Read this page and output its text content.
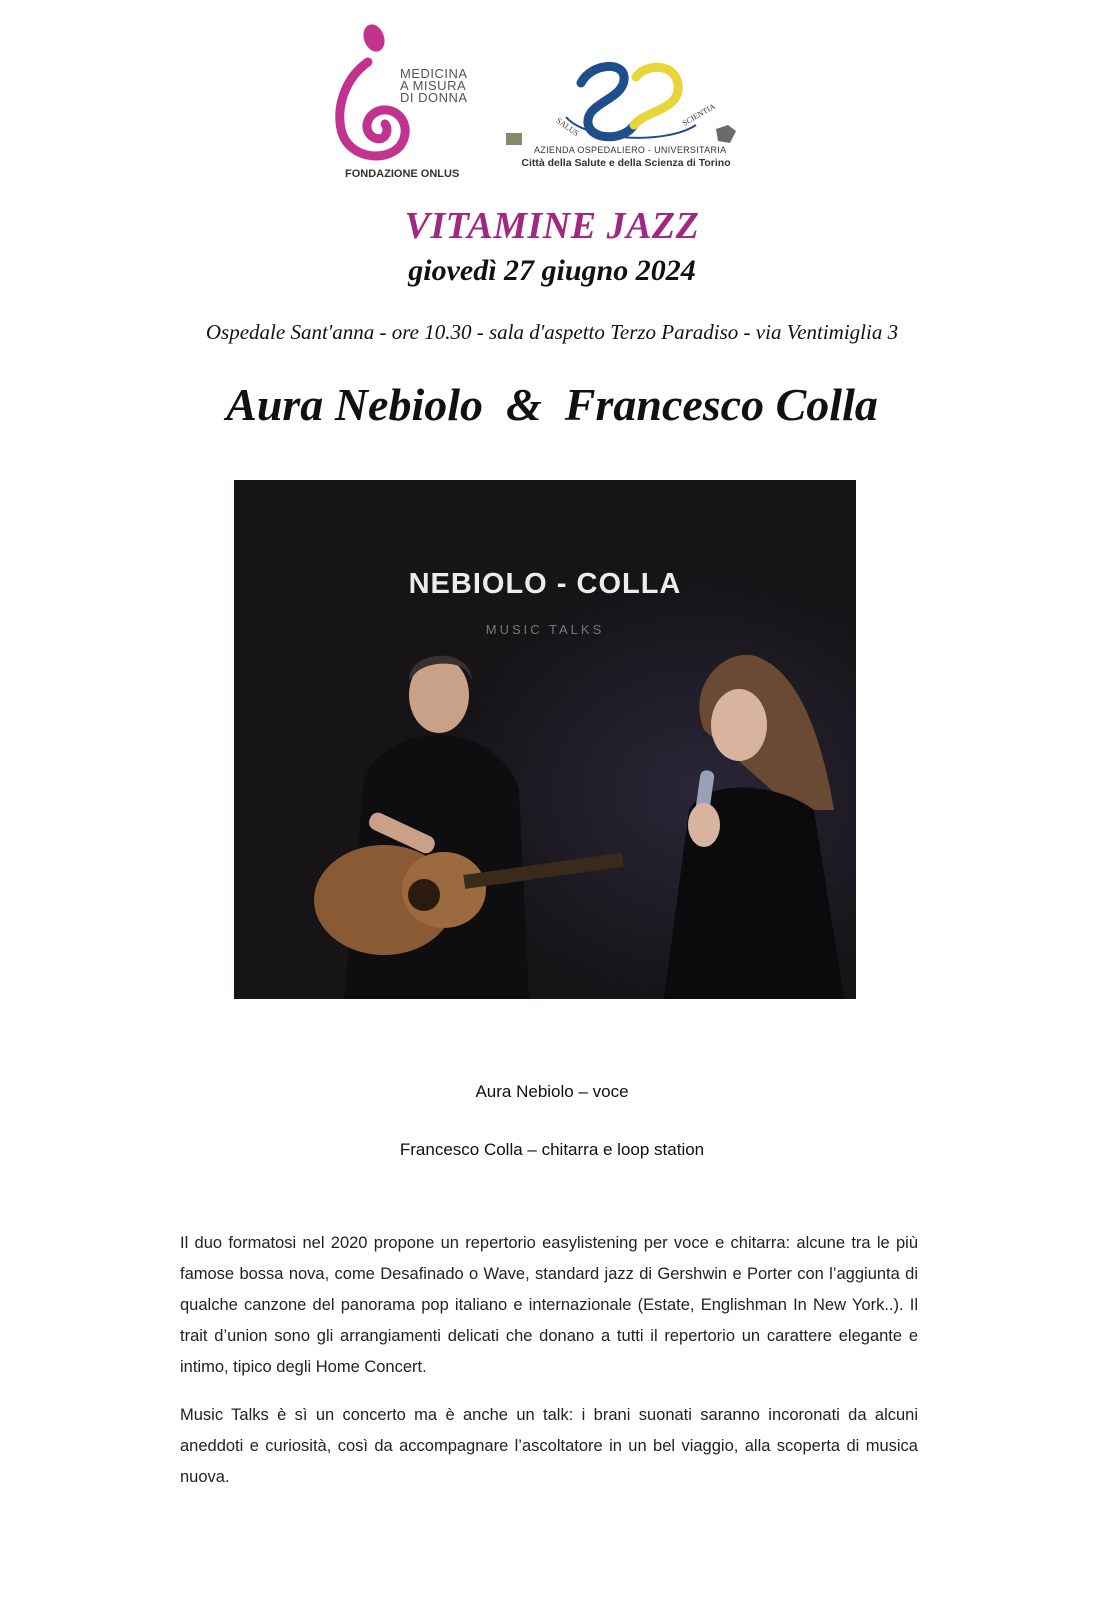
MEDICINA
A MISURA
DI DONNA
FONDAZIONE ONLUS
SALUS	SCIENTIA
AZIENDA OSPEDALIERO - UNIVERSITARIA
Città della Salute e della Scienza di Torino
VITAMINE JAZZ
giovedì 27 giugno 2024
Ospedale Sant'anna - ore 10.30 - sala d'aspetto Terzo Paradiso - via Ventimiglia 3
Aura Nebiolo  &  Francesco Colla
NEBIOLO - COLLA
MUSIC TALKS
Aura Nebiolo – voce
Francesco Colla – chitarra e loop station
Il duo formatosi nel 2020 propone un repertorio easylistening per voce e chitarra: alcune tra le più famose bossa nova, come Desafinado o Wave, standard jazz di Gershwin e Porter con l’aggiunta di qualche canzone del panorama pop italiano e internazionale (Estate, Englishman In New York..). Il trait d’union sono gli arrangiamenti delicati che donano a tutti il repertorio un carattere elegante e intimo, tipico degli Home Concert.
Music Talks è sì un concerto ma è anche un talk: i brani suonati saranno incoronati da alcuni aneddoti e curiosità, così da accompagnare l’ascoltatore in un bel viaggio, alla scoperta di musica nuova.
